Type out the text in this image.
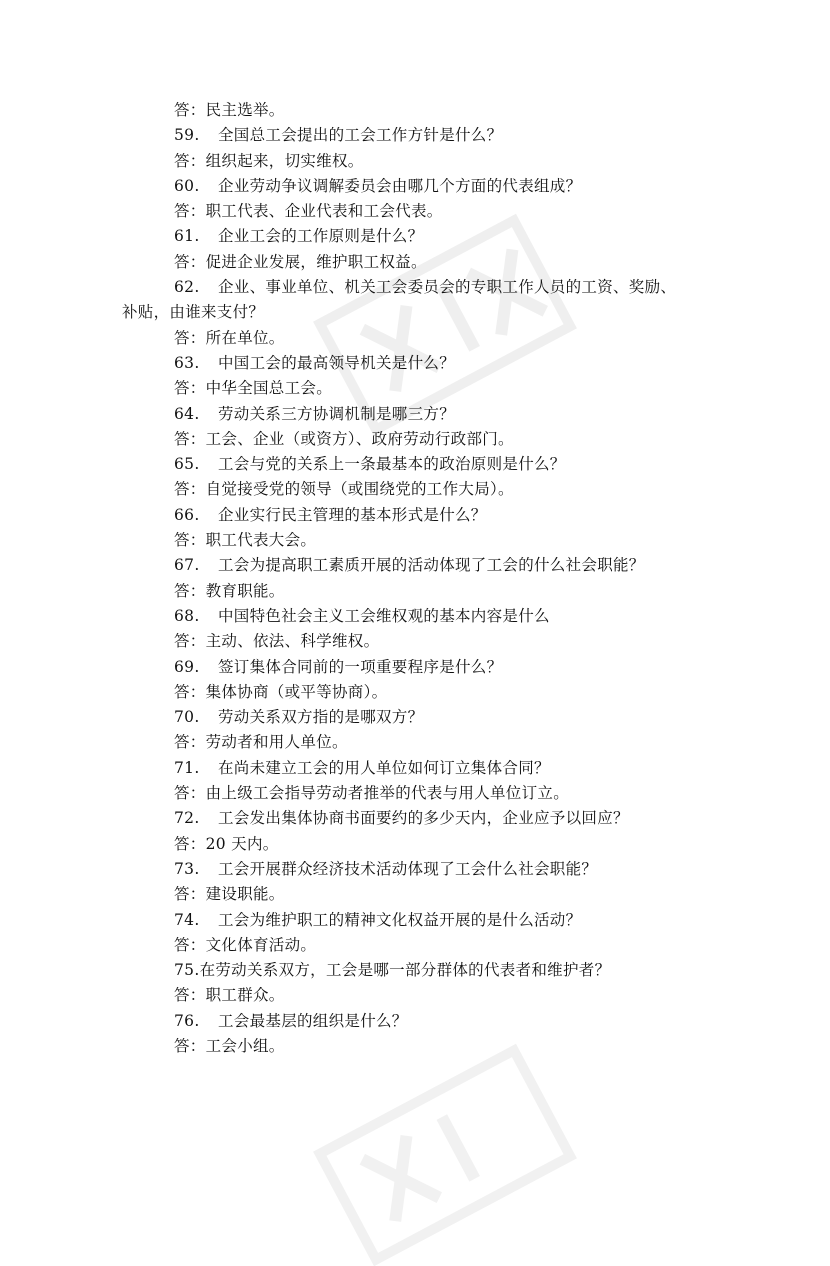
答：民主选举。
59. 全国总工会提出的工会工作方针是什么？
答：组织起来，切实维权。
60. 企业劳动争议调解委员会由哪几个方面的代表组成？
答：职工代表、企业代表和工会代表。
61. 企业工会的工作原则是什么？
答：促进企业发展，维护职工权益。
62. 企业、事业单位、机关工会委员会的专职工作人员的工资、奖励、
补贴，由谁来支付？
答：所在单位。
63. 中国工会的最高领导机关是什么？
答：中华全国总工会。
64. 劳动关系三方协调机制是哪三方？
答：工会、企业（或资方）、政府劳动行政部门。
65. 工会与党的关系上一条最基本的政治原则是什么？
答：自觉接受党的领导（或围绕党的工作大局）。
66. 企业实行民主管理的基本形式是什么？
答：职工代表大会。
67. 工会为提高职工素质开展的活动体现了工会的什么社会职能？
答：教育职能。
68. 中国特色社会主义工会维权观的基本内容是什么
答：主动、依法、科学维权。
69. 签订集体合同前的一项重要程序是什么？
答：集体协商（或平等协商）。
70. 劳动关系双方指的是哪双方？
答：劳动者和用人单位。
71. 在尚未建立工会的用人单位如何订立集体合同？
答：由上级工会指导劳动者推举的代表与用人单位订立。
72. 工会发出集体协商书面要约的多少天内，企业应予以回应？
答：20 天内。
73. 工会开展群众经济技术活动体现了工会什么社会职能？
答：建设职能。
74. 工会为维护职工的精神文化权益开展的是什么活动？
答：文化体育活动。
75.在劳动关系双方，工会是哪一部分群体的代表者和维护者？
答：职工群众。
76. 工会最基层的组织是什么？
答：工会小组。
